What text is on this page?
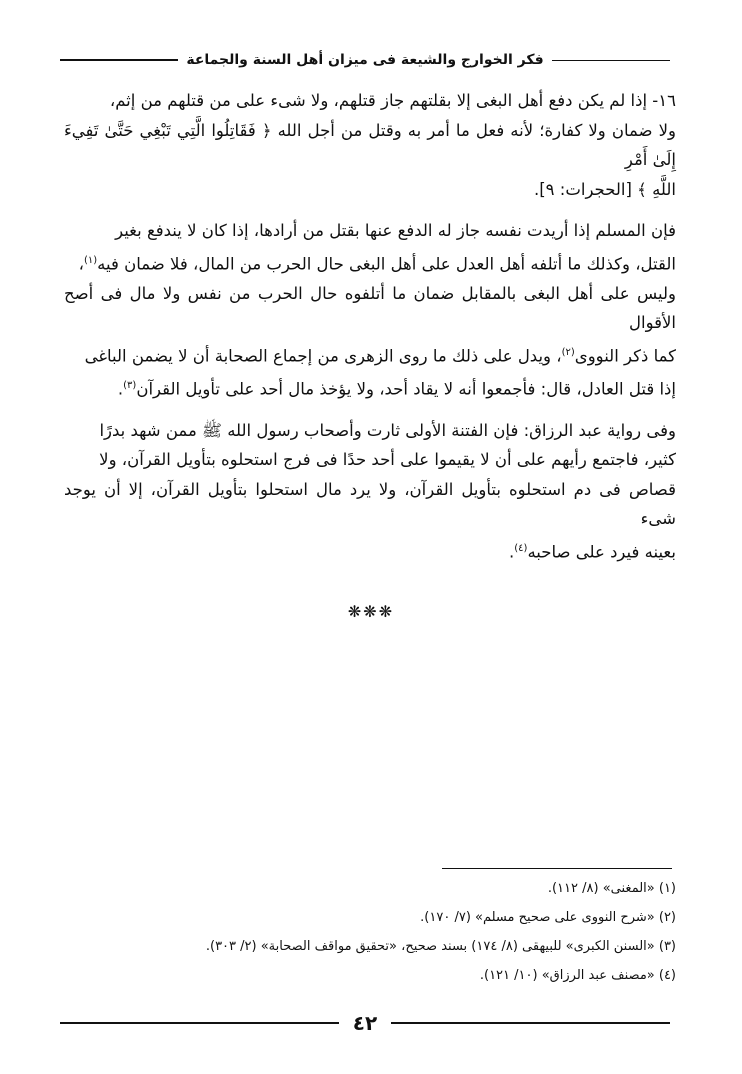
فكر الخوارج والشيعة فى ميزان أهل السنة والجماعة

١٦- إذا لم يكن دفع أهل البغى إلا بقلتهم جاز قتلهم، ولا شىء على من قتلهم من إثم،

ولا ضمان ولا كفارة؛ لأنه فعل ما أمر به وقتل من أجل الله ﴿ فَقَاتِلُوا الَّتِي تَبْغِي حَتَّىٰ تَفِيءَ إِلَىٰ أَمْرِ

اللَّهِ ﴾ [الحجرات: ٩].

فإن المسلم إذا أريدت نفسه جاز له الدفع عنها بقتل من أرادها، إذا كان لا يندفع بغير

القتل، وكذلك ما أتلفه أهل العدل على أهل البغى حال الحرب من المال، فلا ضمان فيه$^{(١)}$،

وليس على أهل البغى بالمقابل ضمان ما أتلفوه حال الحرب من نفس ولا مال فى أصح الأقوال

كما ذكر النووى$^{(٢)}$، ويدل على ذلك ما روى الزهرى من إجماع الصحابة أن لا يضمن الباغى

إذا قتل العادل، قال: فأجمعوا أنه لا يقاد أحد، ولا يؤخذ مال أحد على تأويل القرآن$^{(٣)}$.

وفى رواية عبد الرزاق: فإن الفتنة الأولى ثارت وأصحاب رسول الله ﷺ ممن شهد بدرًا

كثير، فاجتمع رأيهم على أن لا يقيموا على أحد حدًا فى فرج استحلوه بتأويل القرآن، ولا

قصاص فى دم استحلوه بتأويل القرآن، ولا يرد مال استحلوا بتأويل القرآن، إلا أن يوجد شىء

بعينه فيرد على صاحبه$^{(٤)}$.

❋❋❋
(١) «المغنى» (٨/ ١١٢).
(٢) «شرح النووى على صحيح مسلم» (٧/ ١٧٠).
(٣) «السنن الكبرى» للبيهقى (٨/ ١٧٤) بسند صحيح، «تحقيق مواقف الصحابة» (٢/ ٣٠٣).
(٤) «مصنف عبد الرزاق» (١٠/ ١٢١).
٤٢
